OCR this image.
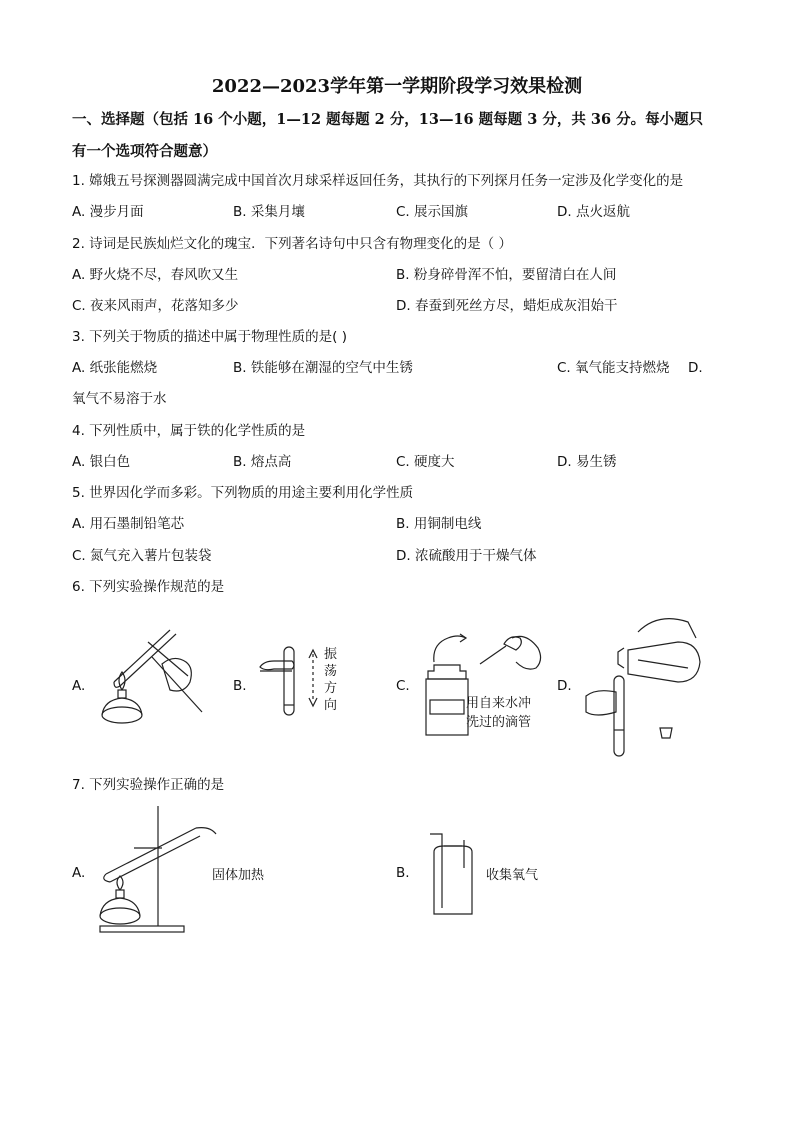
2022—2023学年第一学期阶段学习效果检测
一、选择题（包括 16 个小题，1—12 题每题 2 分，13—16 题每题 3 分，共 36 分。每小题只
有一个选项符合题意）
1. 嫦娥五号探测器圆满完成中国首次月球采样返回任务，其执行的下列探月任务一定涉及化学变化的是
A. 漫步月面	B. 采集月壤	C. 展示国旗	D. 点火返航
2. 诗词是民族灿烂文化的瑰宝．下列著名诗句中只含有物理变化的是（ ）
A. 野火烧不尽，春风吹又生	B. 粉身碎骨浑不怕，要留清白在人间
C. 夜来风雨声，花落知多少	D. 春蚕到死丝方尽，蜡炬成灰泪始干
3. 下列关于物质的描述中属于物理性质的是( )
A. 纸张能燃烧	B. 铁能够在潮湿的空气中生锈	C. 氧气能支持燃烧 D.
氧气不易溶于水
4. 下列性质中，属于铁的化学性质的是
A. 银白色	B. 熔点高	C. 硬度大	D. 易生锈
5. 世界因化学而多彩。下列物质的用途主要利用化学性质
A. 用石墨制铅笔芯	B. 用铜制电线
C. 氮气充入薯片包装袋	D. 浓硫酸用于干燥气体
6. 下列实验操作规范的是
A.	B.	C.	D.
振
荡
方
向	用自来水冲
洗过的滴管
7. 下列实验操作正确的是
A.	B.
固体加热	收集氧气
